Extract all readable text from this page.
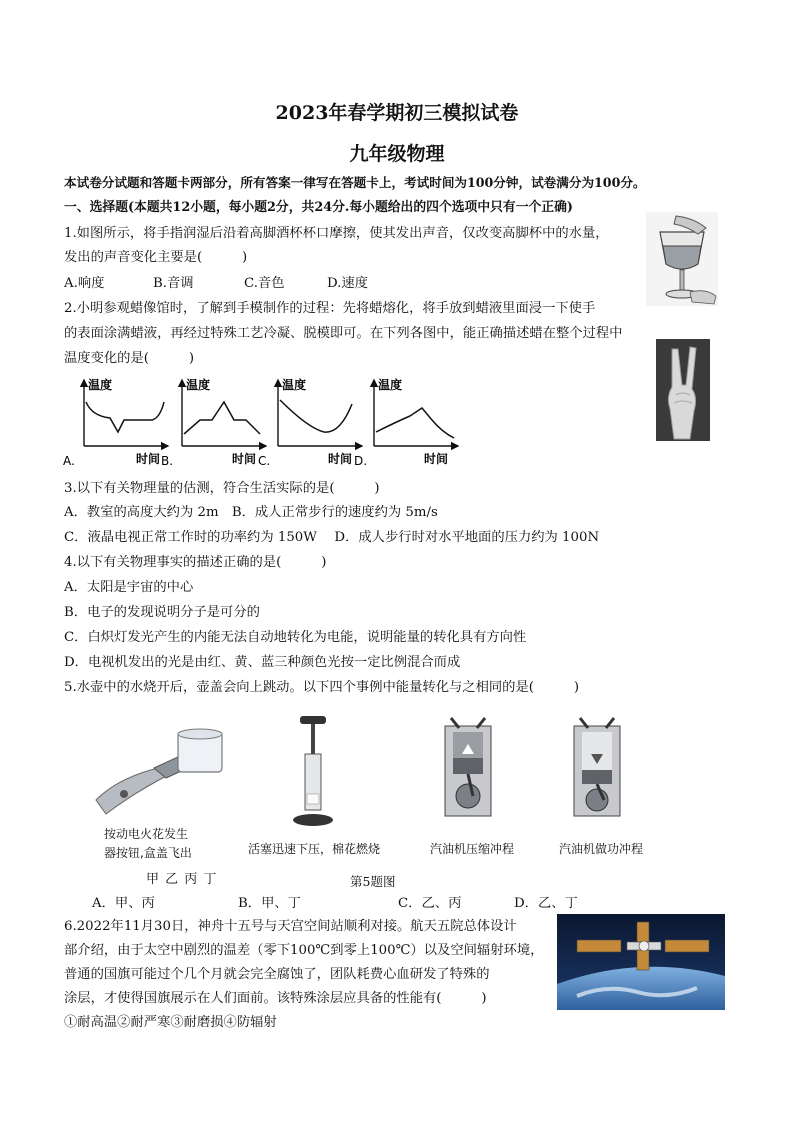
2023年春学期初三模拟试卷
九年级物理
本试卷分试题和答题卡两部分，所有答案一律写在答题卡上，考试时间为100分钟，试卷满分为100分。
一、选择题(本题共12小题，每小题2分，共24分.每小题给出的四个选项中只有一个正确)
1.如图所示，将手指润湿后沿着高脚酒杯杯口摩擦，使其发出声音，仅改变高脚杯中的水量，
发出的声音变化主要是(　　　)
A.响度	B.音调	C.音色	D.速度
2.小明参观蜡像馆时，了解到手模制作的过程：先将蜡熔化，将手放到蜡液里面浸一下使手
的表面涂满蜡液，再经过特殊工艺冷凝、脱模即可。在下列各图中，能正确描述蜡在整个过程中
温度变化的是(　　　)
温度
时间
温度
时间
温度
时间
温度
时间
A.	B.	C.	D.
3.以下有关物理量的估测，符合生活实际的是(　　　)
A．教室的高度大约为 2m　B．成人正常步行的速度约为 5m/s
C．液晶电视正常工作时的功率约为 150W　 D．成人步行时对水平地面的压力约为 100N
4.以下有关物理事实的描述正确的是(　　　)
A．太阳是宇宙的中心
B．电子的发现说明分子是可分的
C．白炽灯发光产生的内能无法自动地转化为电能，说明能量的转化具有方向性
D．电视机发出的光是由红、黄、蓝三种颜色光按一定比例混合而成
5.水壶中的水烧开后，壶盖会向上跳动。以下四个事例中能量转化与之相同的是(　　　)
按动电火花发生
器按钮,盒盖飞出	活塞迅速下压，棉花燃烧	汽油机压缩冲程	汽油机做功冲程
甲 乙 丙 丁	第5题图
A．甲、丙	B．甲、丁	C．乙、丙	D．乙、丁
6.2022年11月30日，神舟十五号与天宫空间站顺利对接。航天五院总体设计
部介绍，由于太空中剧烈的温差（零下100℃到零上100℃）以及空间辐射环境，
普通的国旗可能过个几个月就会完全腐蚀了，团队耗费心血研发了特殊的
涂层，才使得国旗展示在人们面前。该特殊涂层应具备的性能有(　　　)
①耐高温②耐严寒③耐磨损④防辐射
